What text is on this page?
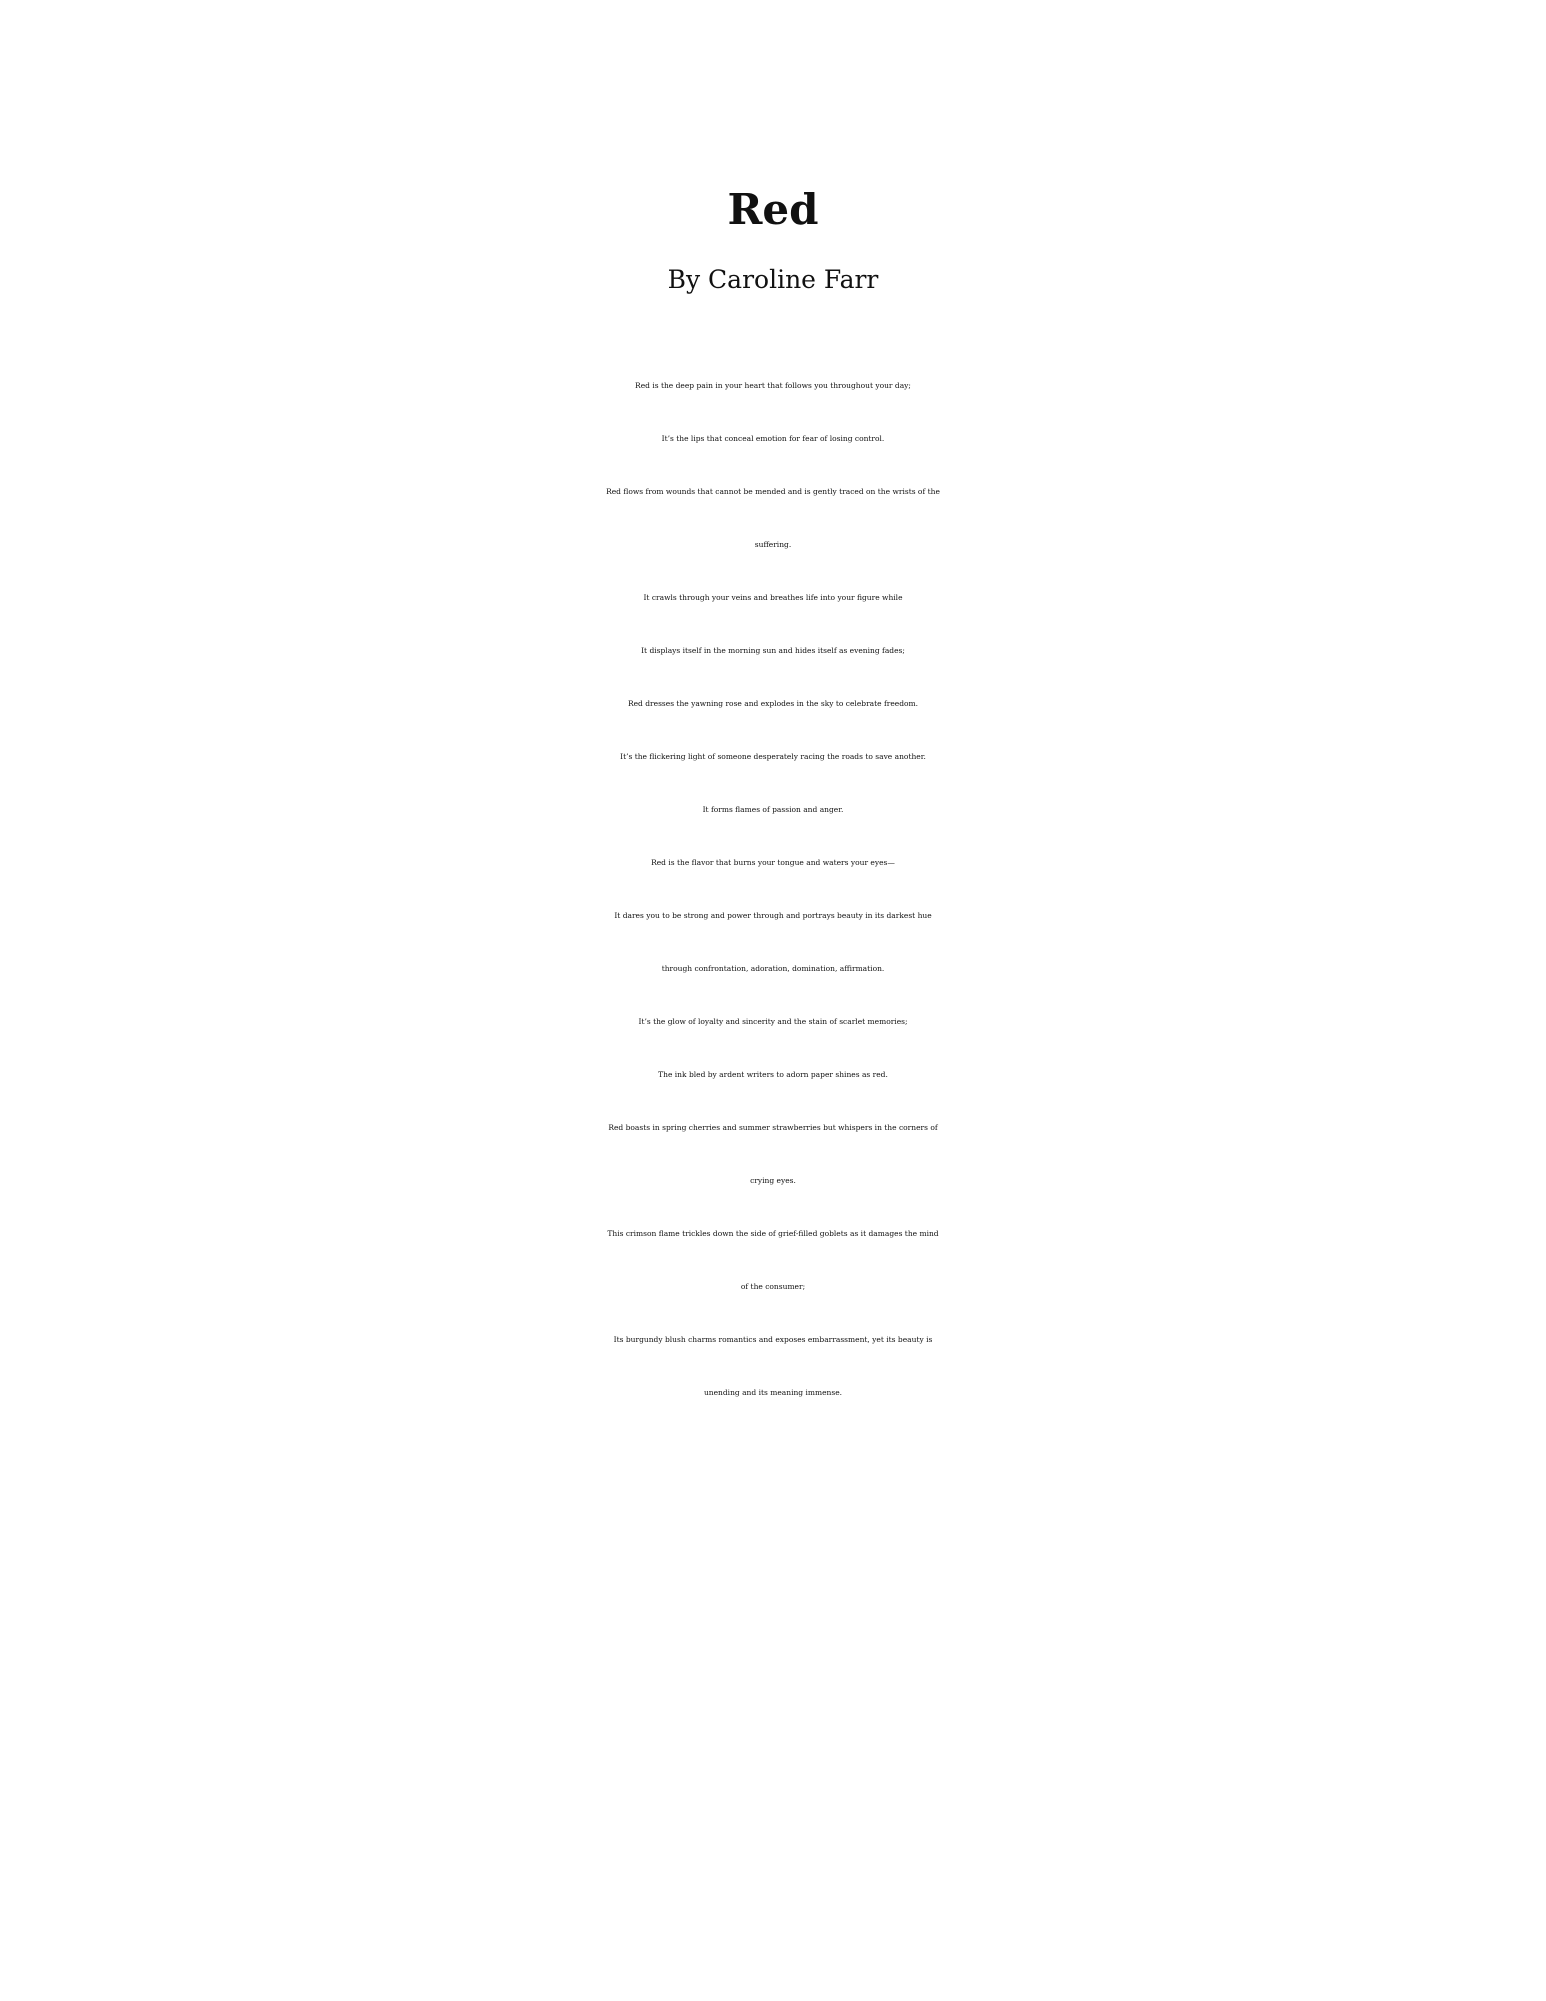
Red

By Caroline Farr

Red is the deep pain in your heart that follows you throughout your day;
It’s the lips that conceal emotion for fear of losing control.
Red flows from wounds that cannot be mended and is gently traced on the wrists of the
suffering.
It crawls through your veins and breathes life into your figure while
It displays itself in the morning sun and hides itself as evening fades;
Red dresses the yawning rose and explodes in the sky to celebrate freedom.
It’s the flickering light of someone desperately racing the roads to save another.
It forms flames of passion and anger.
Red is the flavor that burns your tongue and waters your eyes—
It dares you to be strong and power through and portrays beauty in its darkest hue
through confrontation, adoration, domination, affirmation.
It’s the glow of loyalty and sincerity and the stain of scarlet memories;
The ink bled by ardent writers to adorn paper shines as red.
Red boasts in spring cherries and summer strawberries but whispers in the corners of
crying eyes.
This crimson flame trickles down the side of grief-filled goblets as it damages the mind
of the consumer;
Its burgundy blush charms romantics and exposes embarrassment, yet its beauty is
unending and its meaning immense.
